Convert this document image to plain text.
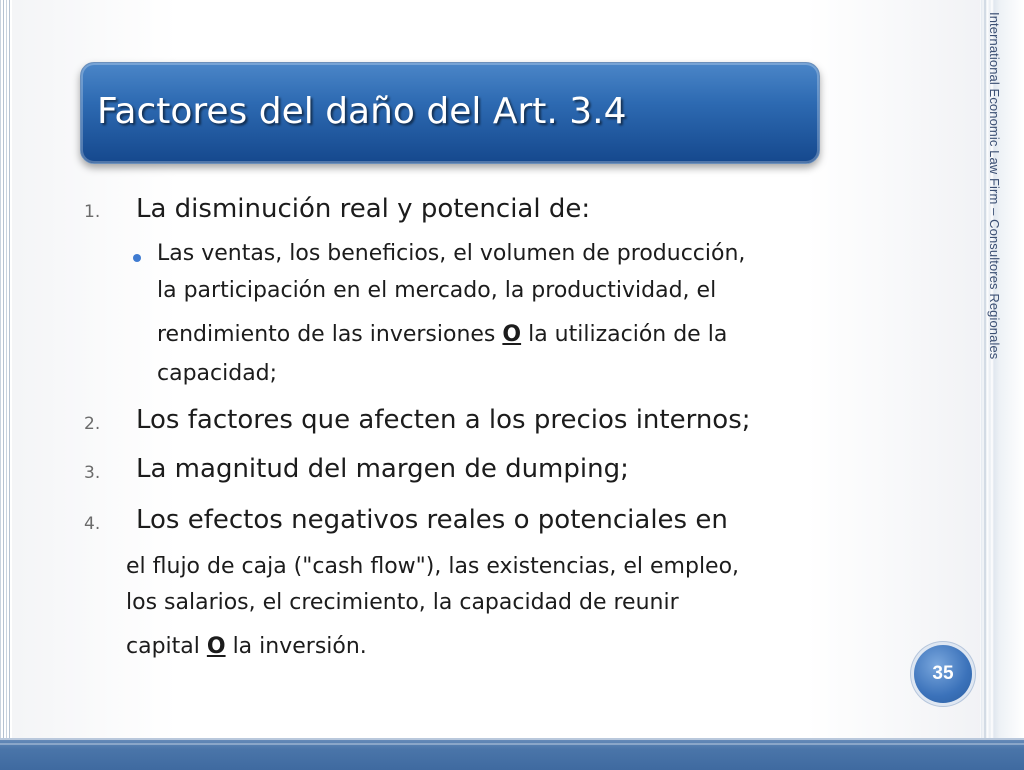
International Economic Law Firm – Consultores Regionales
Factores del daño del Art. 3.4
1. La disminución real y potencial de:
Las ventas, los beneficios, el volumen de producción,
la participación en el mercado, la productividad, el
rendimiento de las inversiones O la utilización de la
capacidad;
2. Los factores que afecten a los precios internos;
3. La magnitud del margen de dumping;
4. Los efectos negativos reales o potenciales en
el flujo de caja ("cash flow"), las existencias, el empleo,
los salarios, el crecimiento, la capacidad de reunir
capital O la inversión.
35
